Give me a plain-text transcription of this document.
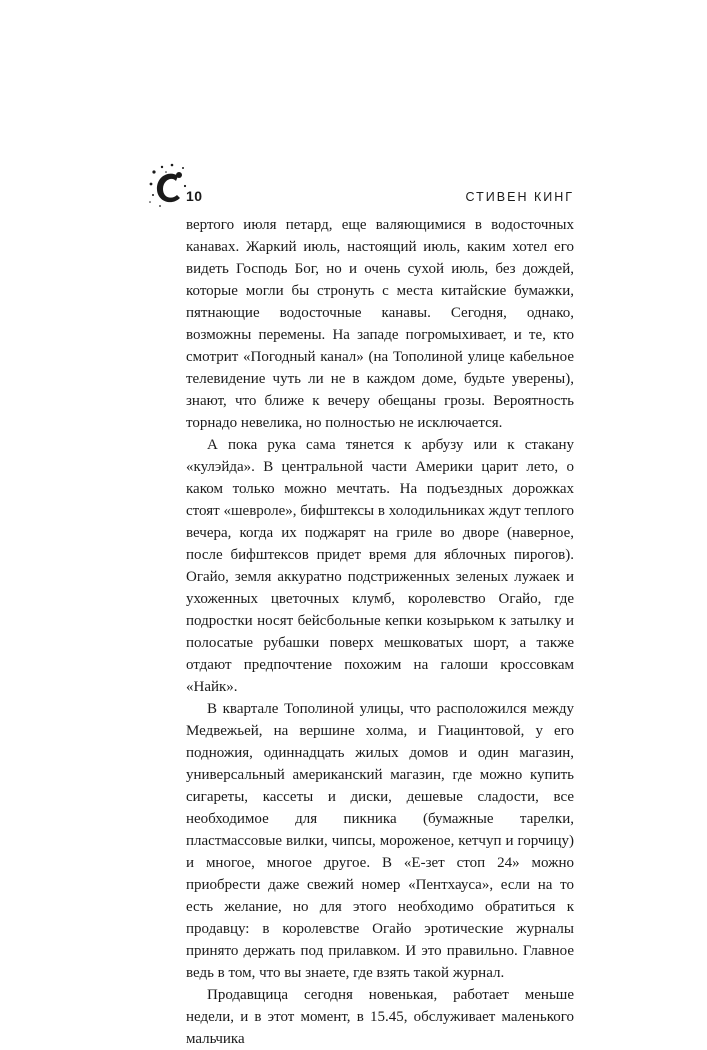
10	СТИВЕН КИНГ

вертого июля петард, еще валяющимися в водосточных канавах. Жаркий июль, настоящий июль, каким хотел его видеть Господь Бог, но и очень сухой июль, без дождей, которые могли бы стронуть с места китайские бумажки, пятнающие водосточные канавы. Сегодня, однако, возможны перемены. На западе погромыхивает, и те, кто смотрит «Погодный канал» (на Тополиной улице кабельное телевидение чуть ли не в каждом доме, будьте уверены), знают, что ближе к вечеру обещаны грозы. Вероятность торнадо невелика, но полностью не исключается.

А пока рука сама тянется к арбузу или к стакану «кулэйда». В центральной части Америки царит лето, о каком только можно мечтать. На подъездных дорожках стоят «шевроле», бифштексы в холодильниках ждут теплого вечера, когда их поджарят на гриле во дворе (наверное, после бифштексов придет время для яблочных пирогов). Огайо, земля аккуратно подстриженных зеленых лужаек и ухоженных цветочных клумб, королевство Огайо, где подростки носят бейсбольные кепки козырьком к затылку и полосатые рубашки поверх мешковатых шорт, а также отдают предпочтение похожим на галоши кроссовкам «Найк».

В квартале Тополиной улицы, что расположился между Медвежьей, на вершине холма, и Гиацинтовой, у его подножия, одиннадцать жилых домов и один магазин, универсальный американский магазин, где можно купить сигареты, кассеты и диски, дешевые сладости, все необходимое для пикника (бумажные тарелки, пластмассовые вилки, чипсы, мороженое, кетчуп и горчицу) и многое, многое другое. В «Е-зет стоп 24» можно приобрести даже свежий номер «Пентхауса», если на то есть желание, но для этого необходимо обратиться к продавцу: в королевстве Огайо эротические журналы принято держать под прилавком. И это правильно. Главное ведь в том, что вы знаете, где взять такой журнал.

Продавщица сегодня новенькая, работает меньше недели, и в этот момент, в 15.45, обслуживает маленького мальчика
